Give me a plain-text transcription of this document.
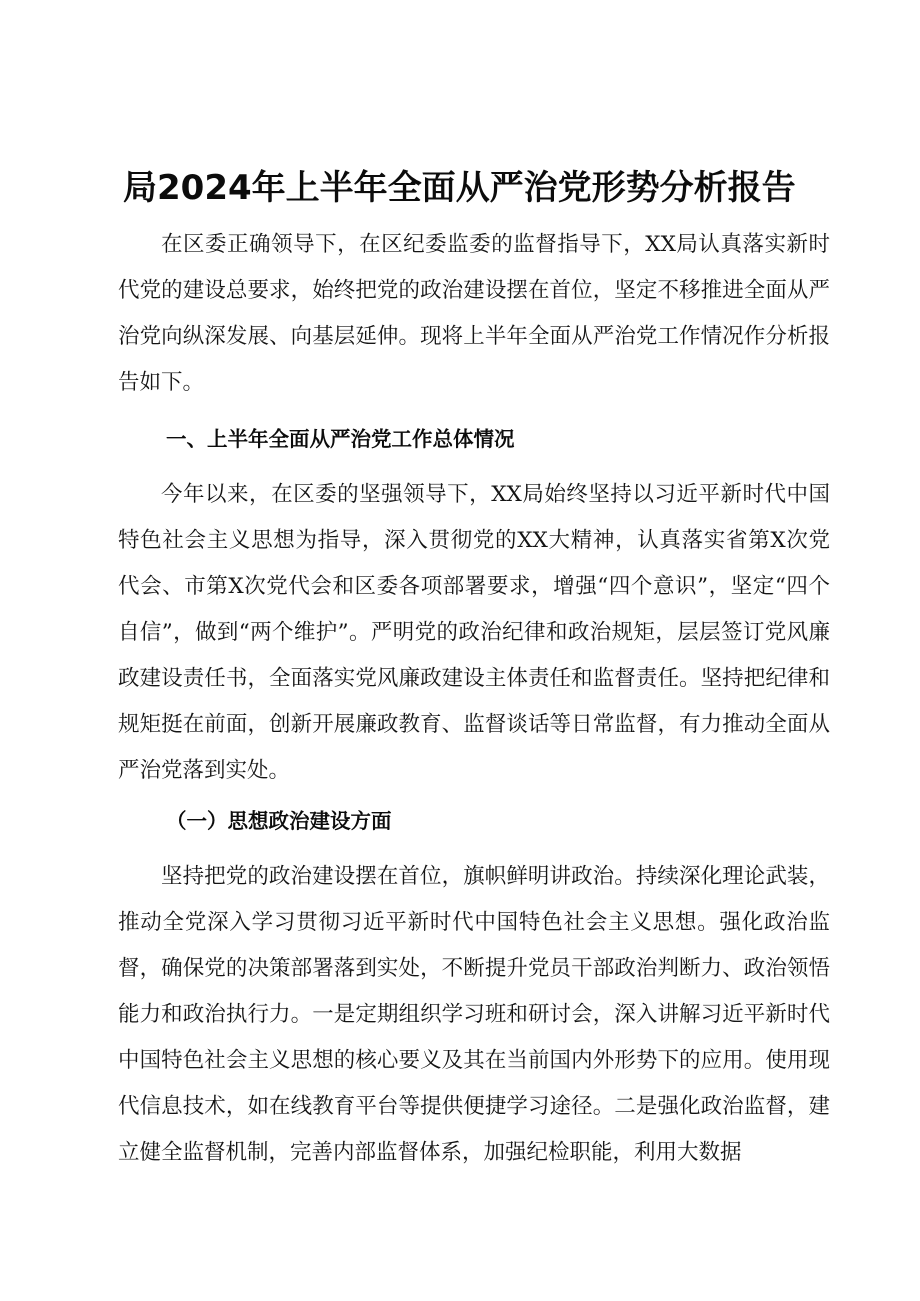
局2024年上半年全面从严治党形势分析报告

在区委正确领导下，在区纪委监委的监督指导下，XX局认真落实新时代党的建设总要求，始终把党的政治建设摆在首位，坚定不移推进全面从严治党向纵深发展、向基层延伸。现将上半年全面从严治党工作情况作分析报告如下。

一、上半年全面从严治党工作总体情况

今年以来，在区委的坚强领导下，XX局始终坚持以习近平新时代中国特色社会主义思想为指导，深入贯彻党的XX大精神，认真落实省第X次党代会、市第X次党代会和区委各项部署要求，增强“四个意识”，坚定“四个自信”，做到“两个维护”。严明党的政治纪律和政治规矩，层层签订党风廉政建设责任书，全面落实党风廉政建设主体责任和监督责任。坚持把纪律和规矩挺在前面，创新开展廉政教育、监督谈话等日常监督，有力推动全面从严治党落到实处。

（一）思想政治建设方面

坚持把党的政治建设摆在首位，旗帜鲜明讲政治。持续深化理论武装，推动全党深入学习贯彻习近平新时代中国特色社会主义思想。强化政治监督，确保党的决策部署落到实处，不断提升党员干部政治判断力、政治领悟能力和政治执行力。一是定期组织学习班和研讨会，深入讲解习近平新时代中国特色社会主义思想的核心要义及其在当前国内外形势下的应用。使用现代信息技术，如在线教育平台等提供便捷学习途径。二是强化政治监督，建立健全监督机制，完善内部监督体系，加强纪检职能，利用大数据
